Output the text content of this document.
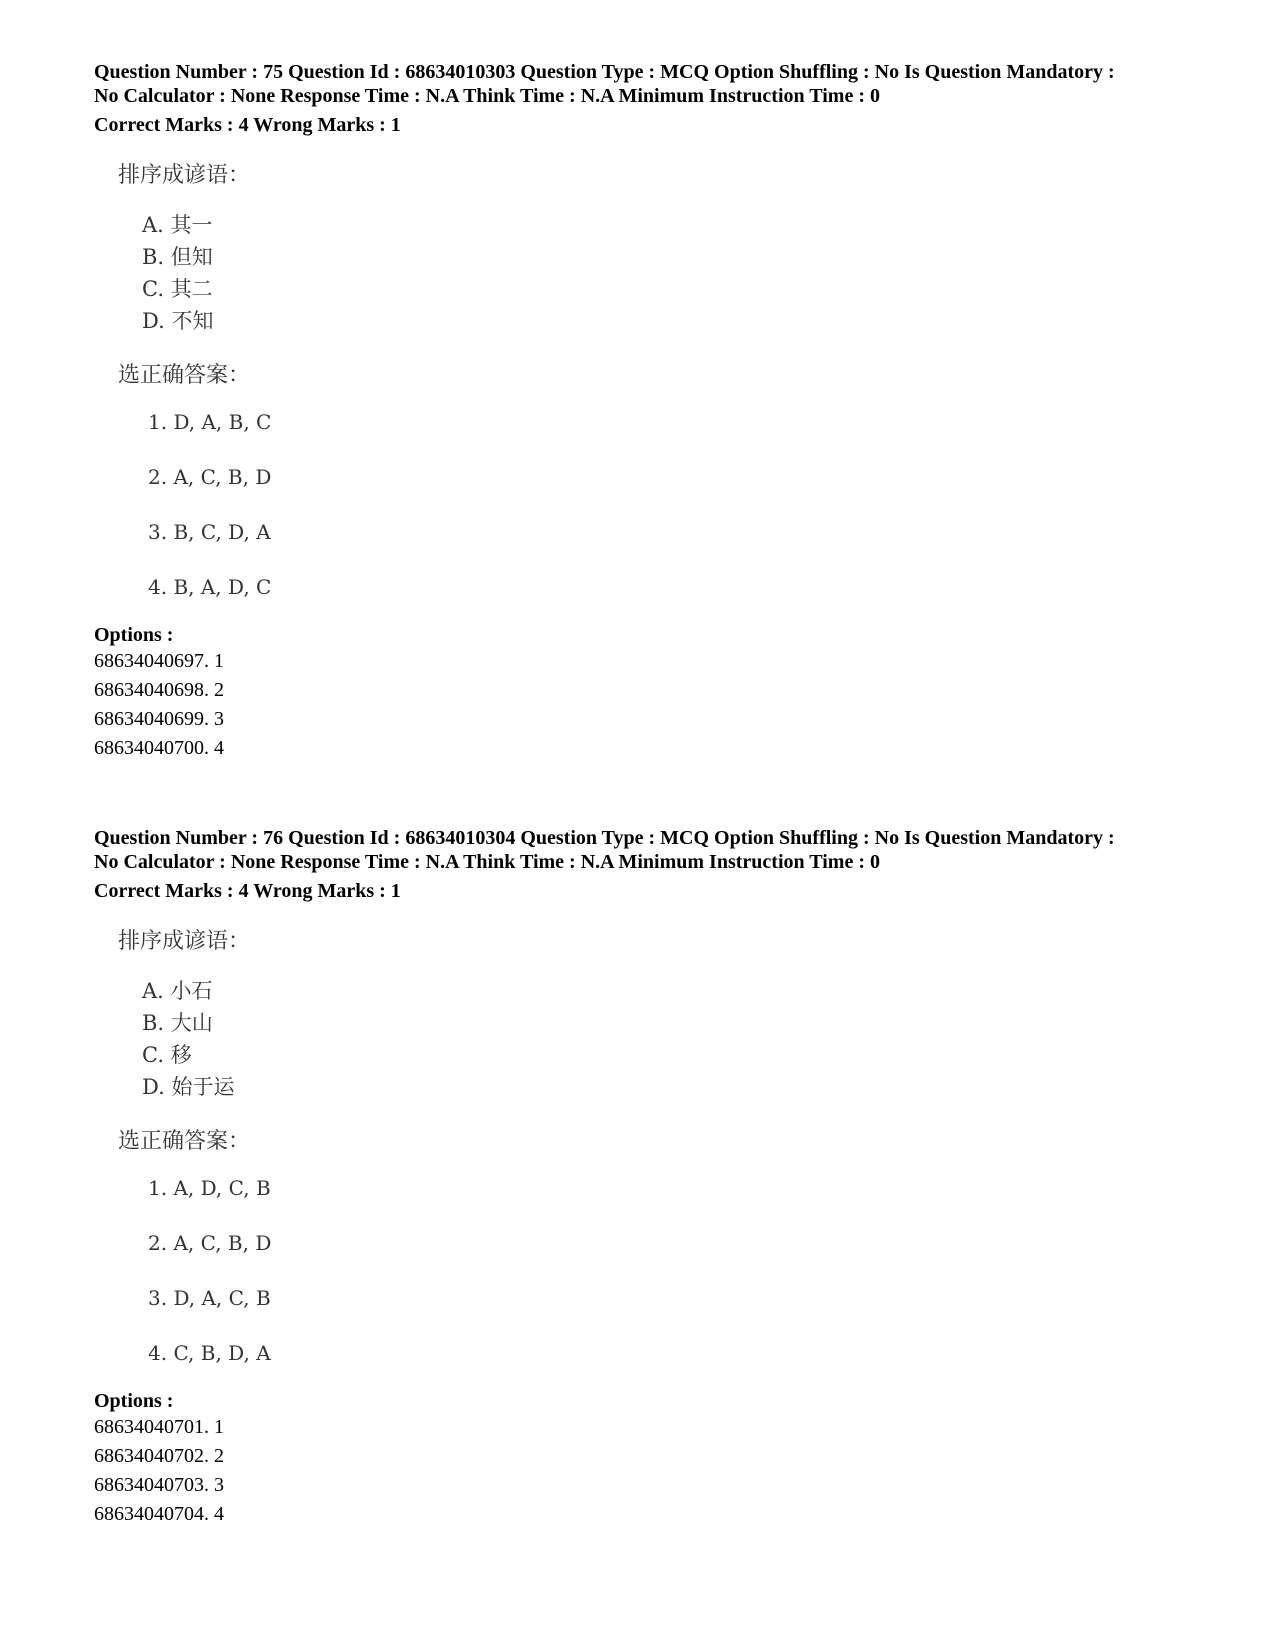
Question Number : 75 Question Id : 68634010303 Question Type : MCQ Option Shuffling : No Is Question Mandatory :

No Calculator : None Response Time : N.A Think Time : N.A Minimum Instruction Time : 0

Correct Marks : 4 Wrong Marks : 1

排序成谚语：
A. 其一
B. 但知
C. 其二
D. 不知
选正确答案：
1. D, A, B, C
2. A, C, B, D
3. B, C, D, A
4. B, A, D, C

Options :

68634040697. 1
68634040698. 2
68634040699. 3
68634040700. 4

Question Number : 76 Question Id : 68634010304 Question Type : MCQ Option Shuffling : No Is Question Mandatory :

No Calculator : None Response Time : N.A Think Time : N.A Minimum Instruction Time : 0

Correct Marks : 4 Wrong Marks : 1

排序成谚语：
A. 小石
B. 大山
C. 移
D. 始于运
选正确答案：
1. A, D, C, B
2. A, C, B, D
3. D, A, C, B
4. C, B, D, A

Options :

68634040701. 1
68634040702. 2
68634040703. 3
68634040704. 4
